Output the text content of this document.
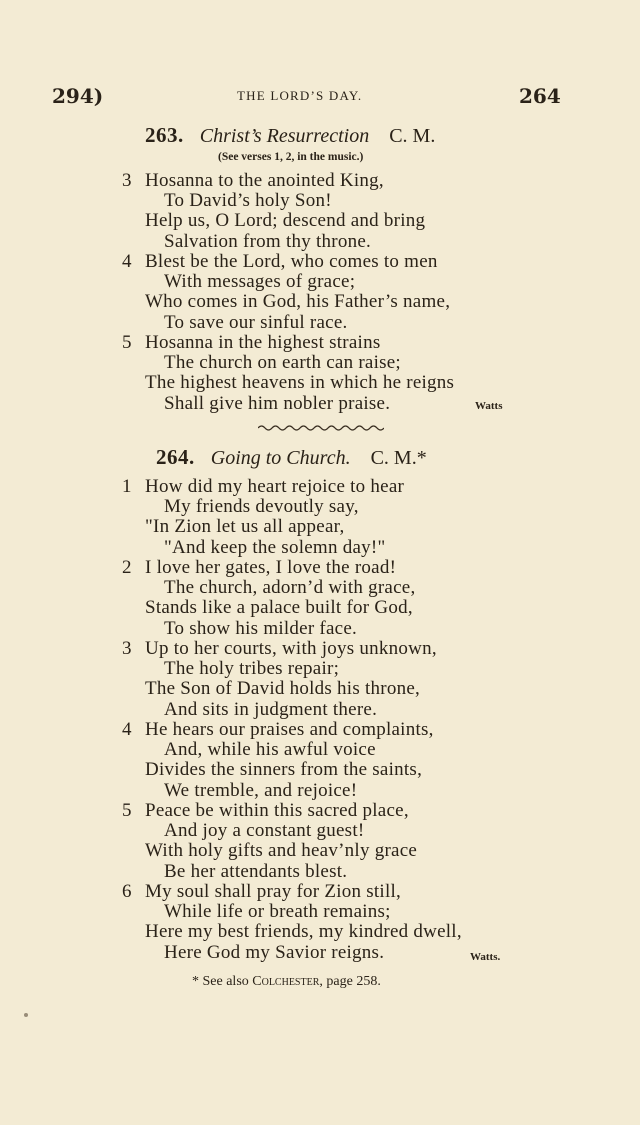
294)	THE LORD’S DAY.	264
263. Christ’s Resurrection C. M.
(See verses 1, 2, in the music.)
3 Hosanna to the anointed King,
To David’s holy Son!
Help us, O Lord; descend and bring
Salvation from thy throne.
4 Blest be the Lord, who comes to men
With messages of grace;
Who comes in God, his Father’s name,
To save our sinful race.
5 Hosanna in the highest strains
The church on earth can raise;
The highest heavens in which he reigns
Shall give him nobler praise.	Watts
264. Going to Church. C. M.*
1 How did my heart rejoice to hear
My friends devoutly say,
"In Zion let us all appear,
"And keep the solemn day!"
2 I love her gates, I love the road!
The church, adorn’d with grace,
Stands like a palace built for God,
To show his milder face.
3 Up to her courts, with joys unknown,
The holy tribes repair;
The Son of David holds his throne,
And sits in judgment there.
4 He hears our praises and complaints,
And, while his awful voice
Divides the sinners from the saints,
We tremble, and rejoice!
5 Peace be within this sacred place,
And joy a constant guest!
With holy gifts and heav’nly grace
Be her attendants blest.
6 My soul shall pray for Zion still,
While life or breath remains;
Here my best friends, my kindred dwell,
Here God my Savior reigns.	Watts.
* See also Colchester, page 258.
